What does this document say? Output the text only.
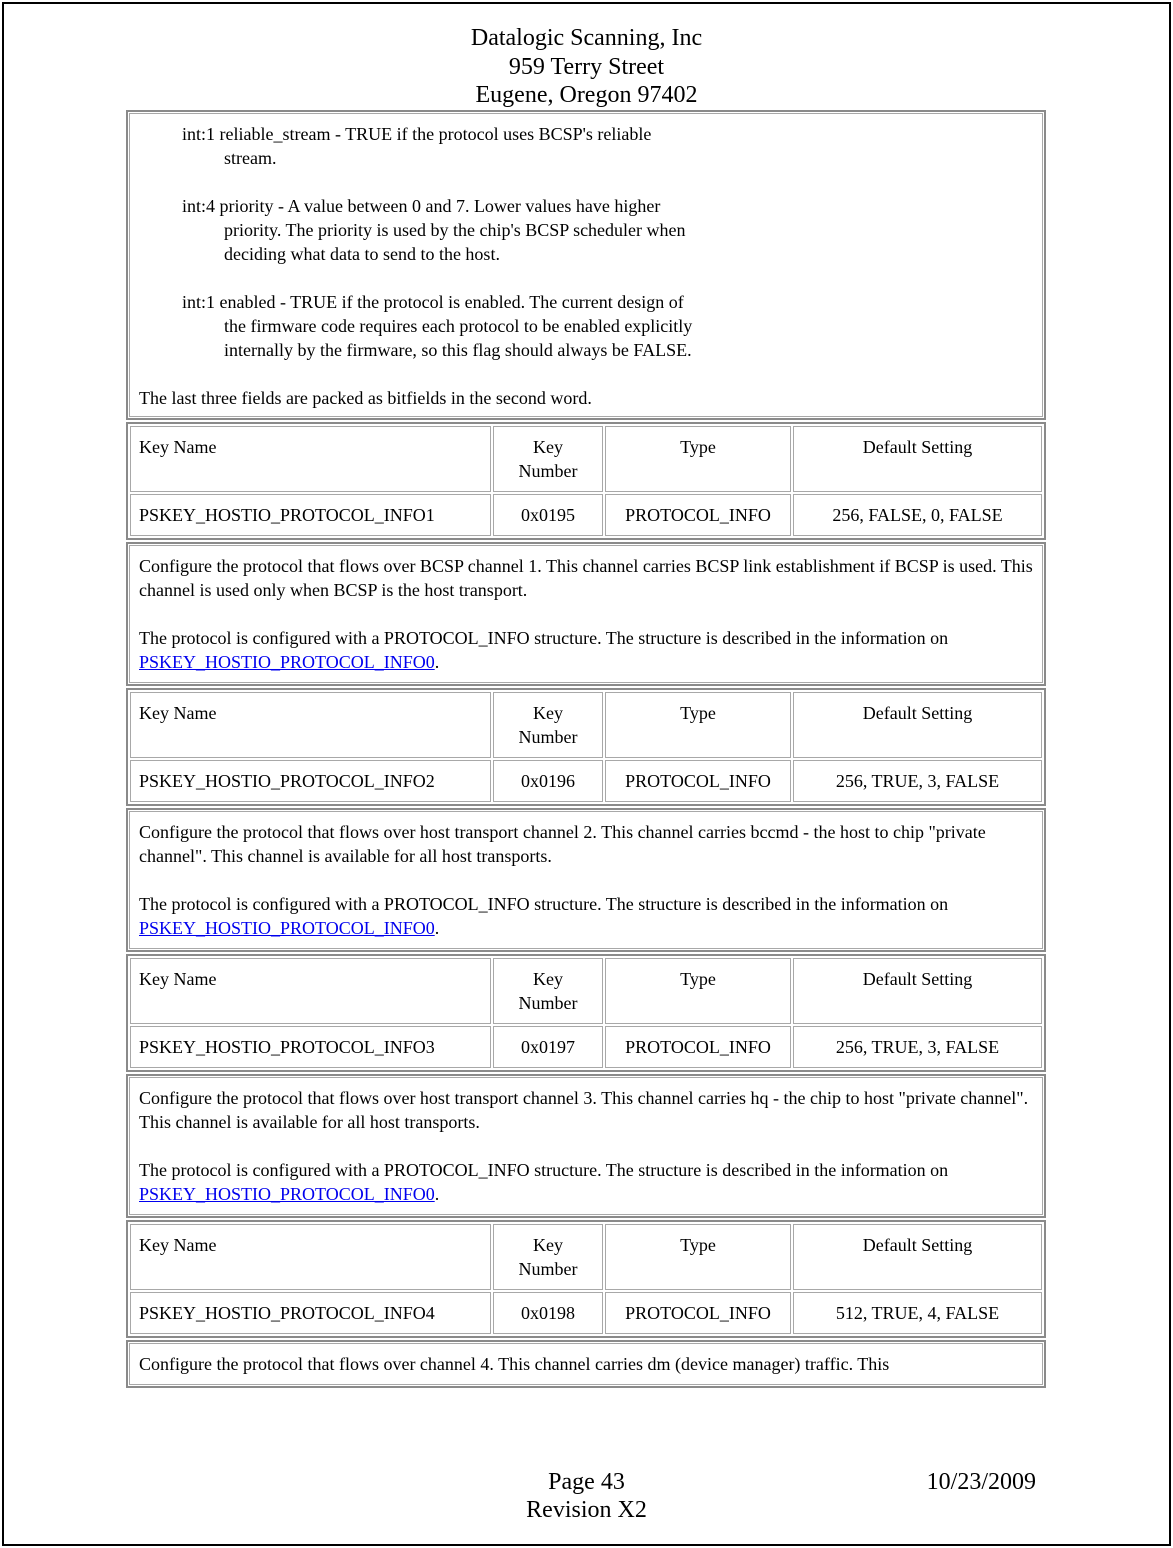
Datalogic Scanning, Inc
959 Terry Street
Eugene, Oregon 97402

int:1 reliable_stream - TRUE if the protocol uses BCSP's reliable stream.

int:4 priority - A value between 0 and 7. Lower values have higher priority. The priority is used by the chip's BCSP scheduler when deciding what data to send to the host.

int:1 enabled - TRUE if the protocol is enabled. The current design of the firmware code requires each protocol to be enabled explicitly internally by the firmware, so this flag should always be FALSE.

The last three fields are packed as bitfields in the second word.

Key Name	Key Number	Type	Default Setting
PSKEY_HOSTIO_PROTOCOL_INFO1	0x0195	PROTOCOL_INFO	256, FALSE, 0, FALSE

Configure the protocol that flows over BCSP channel 1. This channel carries BCSP link establishment if BCSP is used. This channel is used only when BCSP is the host transport.

The protocol is configured with a PROTOCOL_INFO structure. The structure is described in the information on PSKEY_HOSTIO_PROTOCOL_INFO0.

Key Name	Key Number	Type	Default Setting
PSKEY_HOSTIO_PROTOCOL_INFO2	0x0196	PROTOCOL_INFO	256, TRUE, 3, FALSE

Configure the protocol that flows over host transport channel 2. This channel carries bccmd - the host to chip "private channel". This channel is available for all host transports.

The protocol is configured with a PROTOCOL_INFO structure. The structure is described in the information on PSKEY_HOSTIO_PROTOCOL_INFO0.

Key Name	Key Number	Type	Default Setting
PSKEY_HOSTIO_PROTOCOL_INFO3	0x0197	PROTOCOL_INFO	256, TRUE, 3, FALSE

Configure the protocol that flows over host transport channel 3. This channel carries hq - the chip to host "private channel". This channel is available for all host transports.

The protocol is configured with a PROTOCOL_INFO structure. The structure is described in the information on PSKEY_HOSTIO_PROTOCOL_INFO0.

Key Name	Key Number	Type	Default Setting
PSKEY_HOSTIO_PROTOCOL_INFO4	0x0198	PROTOCOL_INFO	512, TRUE, 4, FALSE

Configure the protocol that flows over channel 4. This channel carries dm (device manager) traffic. This

Page 43
Revision X2
10/23/2009
